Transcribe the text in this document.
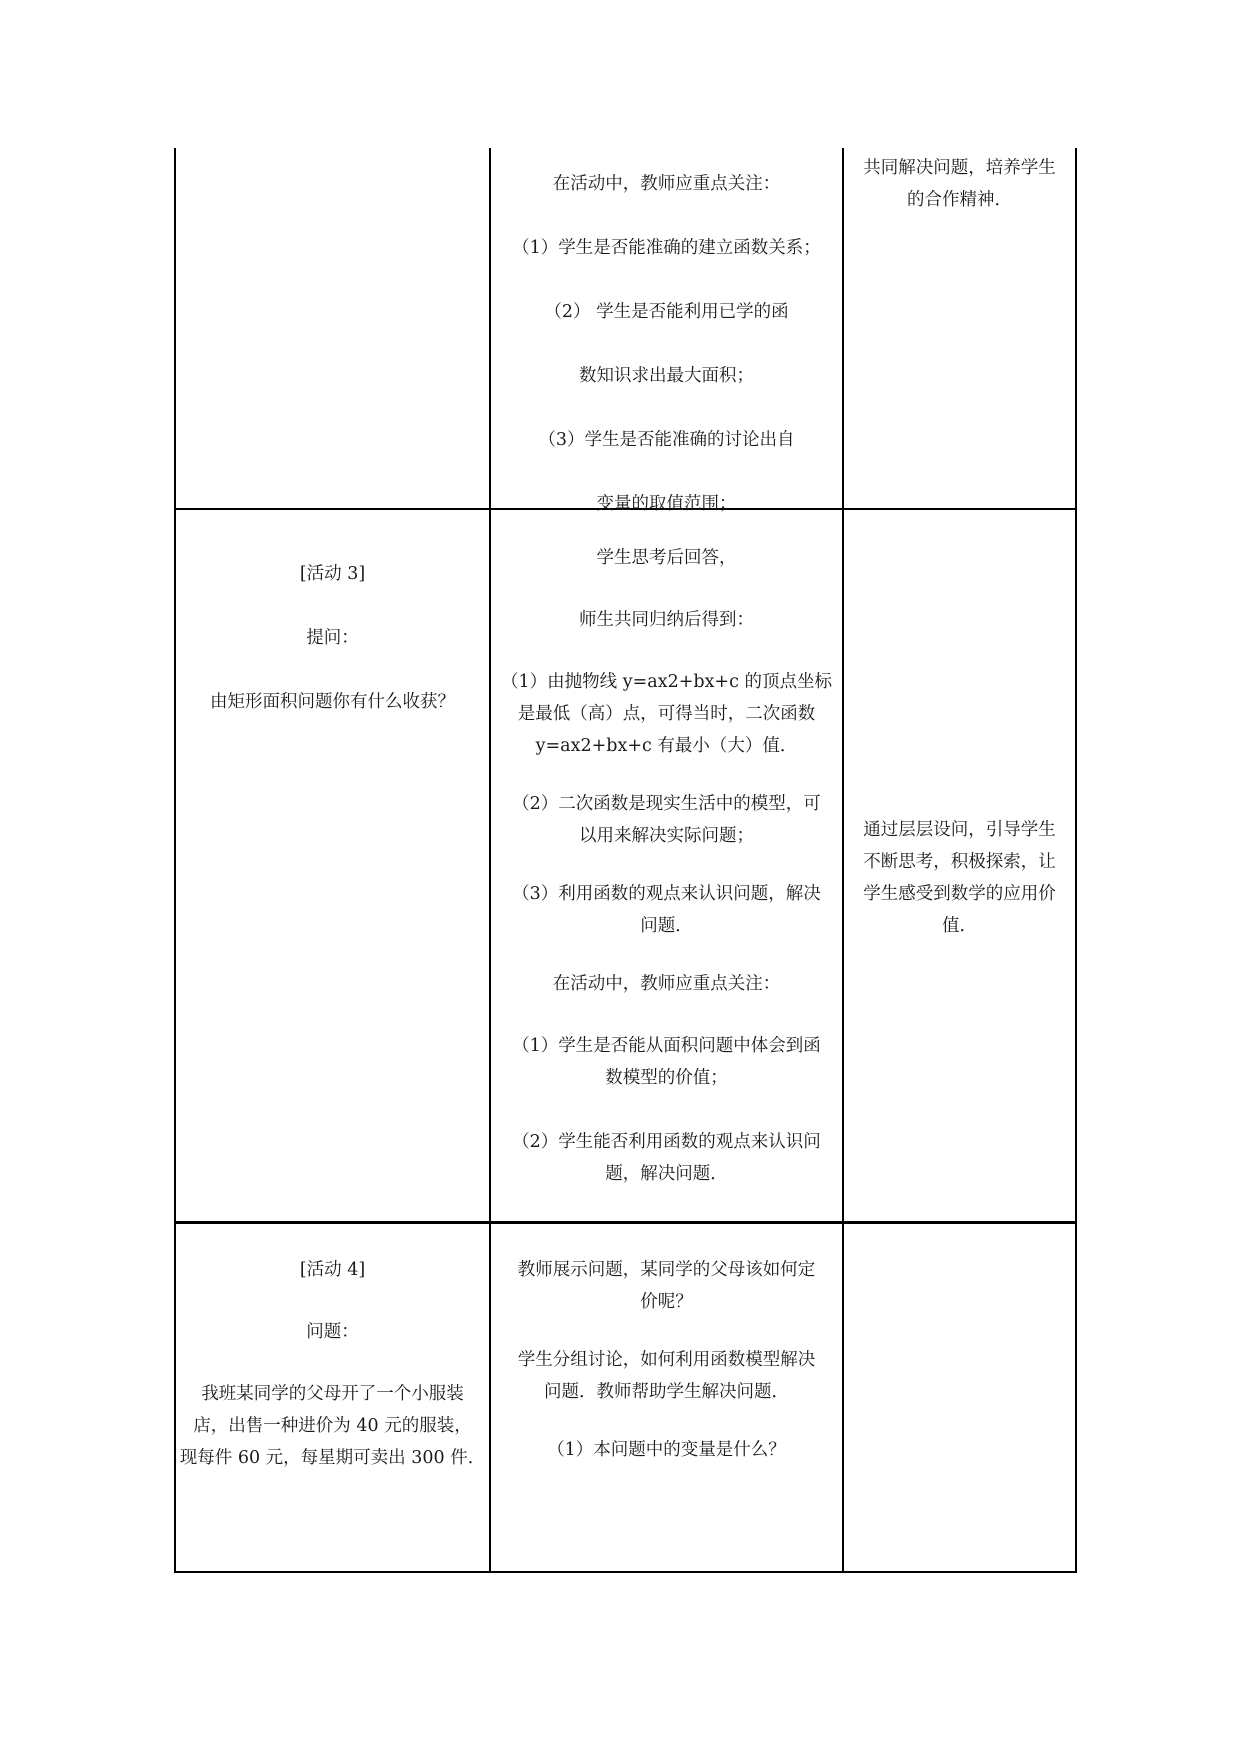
在活动中，教师应重点关注：

（1）学生是否能准确的建立函数关系；

（2） 学生是否能利用已学的函

数知识求出最大面积；

（3）学生是否能准确的讨论出自

变量的取值范围；

共同解决问题，培养学生

的合作精神．

[活动 3]

提问：

由矩形面积问题你有什么收获？

学生思考后回答，

师生共同归纳后得到：

（1）由抛物线 y=ax2+bx+c 的顶点坐标

是最低（高）点，可得当时，二次函数

y=ax2+bx+c 有最小（大）值．

（2）二次函数是现实生活中的模型，可

以用来解决实际问题；

（3）利用函数的观点来认识问题，解决

问题．

在活动中，教师应重点关注：

（1）学生是否能从面积问题中体会到函

数模型的价值；

（2）学生能否利用函数的观点来认识问

题，解决问题．

通过层层设问，引导学生

不断思考，积极探索，让

学生感受到数学的应用价

值．

[活动 4]

问题：

我班某同学的父母开了一个小服装

店，出售一种进价为 40 元的服装，

现每件 60 元，每星期可卖出 300 件．

教师展示问题，某同学的父母该如何定

价呢？

学生分组讨论，如何利用函数模型解决

问题．教师帮助学生解决问题．

（1）本问题中的变量是什么？
